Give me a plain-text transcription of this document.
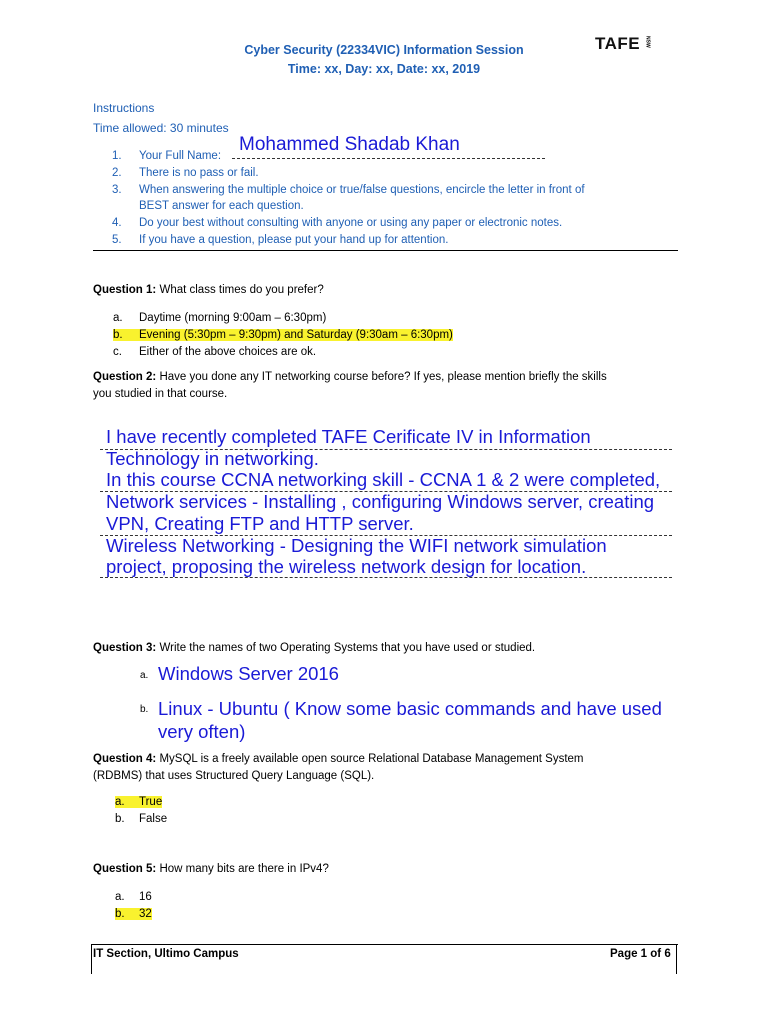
Cyber Security (22334VIC) Information Session
Time: xx, Day: xx, Date: xx, 2019
TAFE NSW
Instructions
Time allowed: 30 minutes
1. Your Full Name:
2. There is no pass or fail.
3. When answering the multiple choice or true/false questions, encircle the letter in front of
BEST answer for each question.
4. Do your best without consulting with anyone or using any paper or electronic notes.
5. If you have a question, please put your hand up for attention.
Mohammed Shadab Khan
Question 1: What class times do you prefer?
a. Daytime (morning 9:00am – 6:30pm)
b. Evening (5:30pm – 9:30pm) and Saturday (9:30am – 6:30pm)
c. Either of the above choices are ok.
Question 2: Have you done any IT networking course before? If yes, please mention briefly the skills
you studied in that course.
I have recently completed TAFE Cerificate IV in Information
Technology in networking.
In this course CCNA networking skill - CCNA 1 & 2 were completed,
Network services - Installing , configuring Windows server, creating
VPN, Creating FTP and HTTP server.
Wireless Networking - Designing the WIFI network simulation
project, proposing the wireless network design for location.
Question 3: Write the names of two Operating Systems that you have used or studied.
a. Windows Server 2016
b. Linux - Ubuntu ( Know some basic commands and have used
very often)
Question 4: MySQL is a freely available open source Relational Database Management System
(RDBMS) that uses Structured Query Language (SQL).
a. True
b. False
Question 5: How many bits are there in IPv4?
a. 16
b. 32
IT Section, Ultimo Campus	Page 1 of 6
